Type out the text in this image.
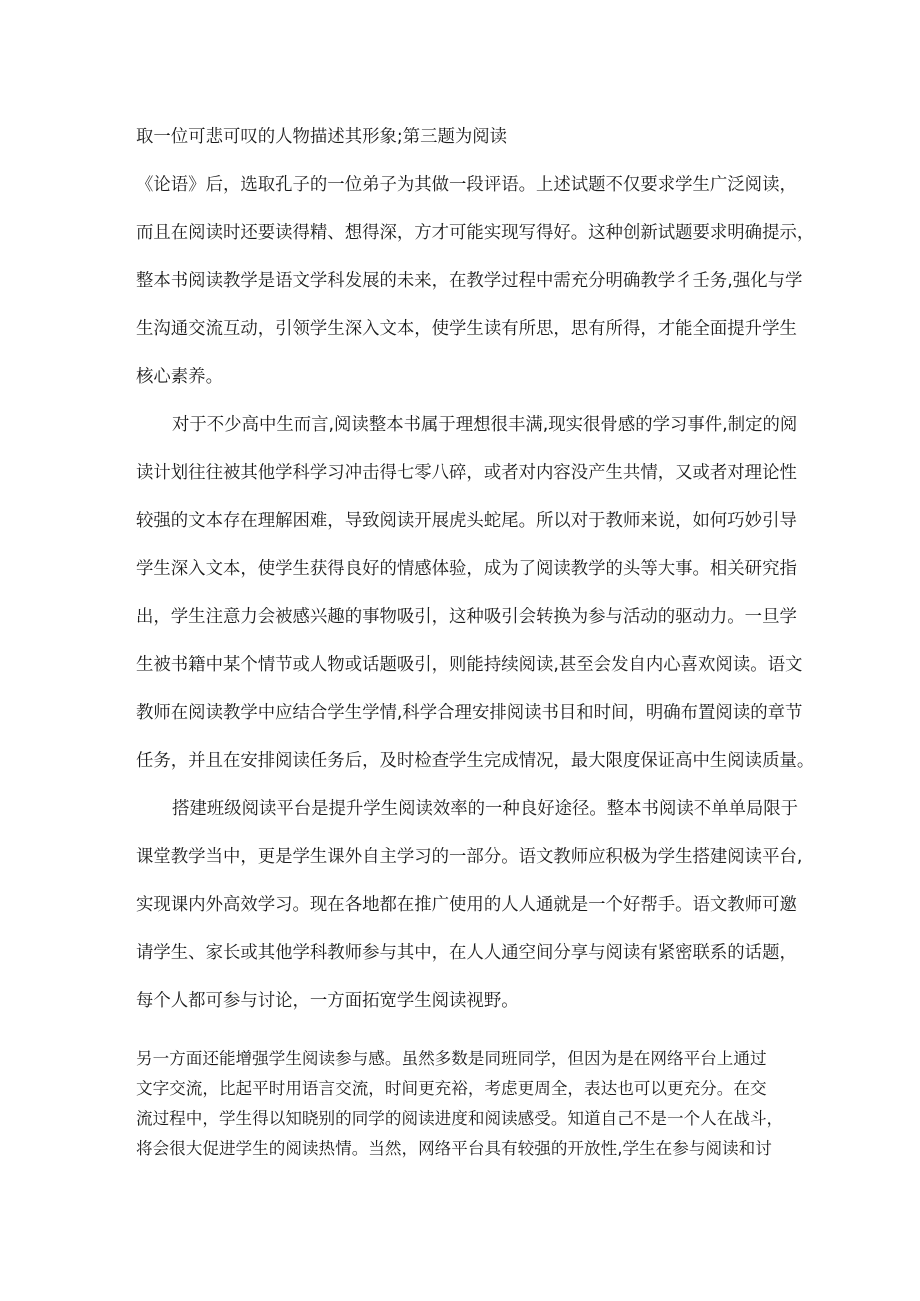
取一位可悲可叹的人物描述其形象;第三题为阅读
《论语》后，选取孔子的一位弟子为其做一段评语。上述试题不仅要求学生广泛阅读，
而且在阅读时还要读得精、想得深，方才可能实现写得好。这种创新试题要求明确提示，
整本书阅读教学是语文学科发展的未来，在教学过程中需充分明确教学彳壬务,强化与学
生沟通交流互动，引领学生深入文本，使学生读有所思，思有所得，才能全面提升学生
核心素养。
对于不少高中生而言,阅读整本书属于理想很丰满,现实很骨感的学习事件,制定的阅
读计划往往被其他学科学习冲击得七零八碎，或者对内容没产生共情，又或者对理论性
较强的文本存在理解困难，导致阅读开展虎头蛇尾。所以对于教师来说，如何巧妙引导
学生深入文本，使学生获得良好的情感体验，成为了阅读教学的头等大事。相关研究指
出，学生注意力会被感兴趣的事物吸引，这种吸引会转换为参与活动的驱动力。一旦学
生被书籍中某个情节或人物或话题吸引，则能持续阅读,甚至会发自内心喜欢阅读。语文
教师在阅读教学中应结合学生学情,科学合理安排阅读书目和时间，明确布置阅读的章节
任务，并且在安排阅读任务后，及时检查学生完成情况，最大限度保证高中生阅读质量。
搭建班级阅读平台是提升学生阅读效率的一种良好途径。整本书阅读不单单局限于
课堂教学当中，更是学生课外自主学习的一部分。语文教师应积极为学生搭建阅读平台,
实现课内外高效学习。现在各地都在推广使用的人人通就是一个好帮手。语文教师可邀
请学生、家长或其他学科教师参与其中，在人人通空间分享与阅读有紧密联系的话题，
每个人都可参与讨论，一方面拓宽学生阅读视野。
另一方面还能增强学生阅读参与感。虽然多数是同班同学，但因为是在网络平台上通过
文字交流，比起平时用语言交流，时间更充裕，考虑更周全，表达也可以更充分。在交
流过程中，学生得以知晓别的同学的阅读进度和阅读感受。知道自己不是一个人在战斗，
将会很大促进学生的阅读热情。当然，网络平台具有较强的开放性,学生在参与阅读和讨
